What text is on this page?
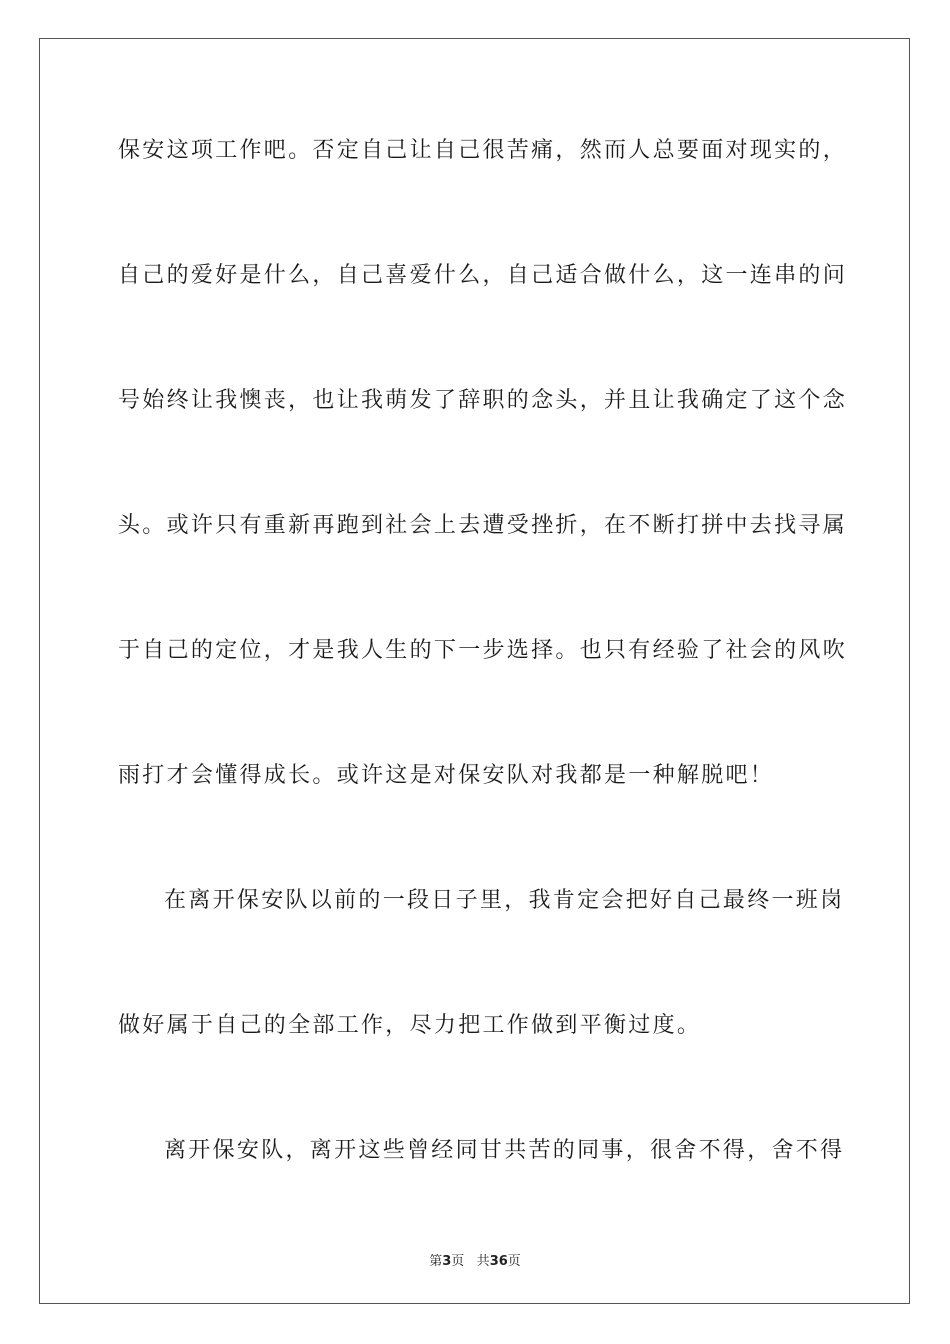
保安这项工作吧。否定自己让自己很苦痛，然而人总要面对现实的，

自己的爱好是什么，自己喜爱什么，自己适合做什么，这一连串的问

号始终让我懊丧，也让我萌发了辞职的念头，并且让我确定了这个念

头。或许只有重新再跑到社会上去遭受挫折，在不断打拼中去找寻属

于自己的定位，才是我人生的下一步选择。也只有经验了社会的风吹

雨打才会懂得成长。或许这是对保安队对我都是一种解脱吧！

在离开保安队以前的一段日子里，我肯定会把好自己最终一班岗

做好属于自己的全部工作，尽力把工作做到平衡过度。

离开保安队，离开这些曾经同甘共苦的同事，很舍不得，舍不得

第3页 共36页
